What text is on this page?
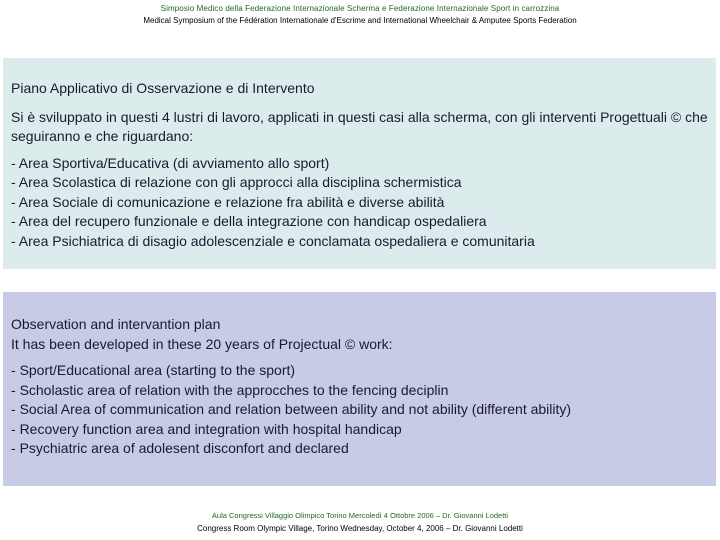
Simposio Medico della Federazione Internazionale Scherma e Federazione Internazionale Sport in carrozzina
Medical Symposium of the Fédération Internationale d'Escrime and International Wheelchair & Amputee Sports Federation

Piano Applicativo di Osservazione e di Intervento

Si è sviluppato in questi 4 lustri di lavoro, applicati in questi casi alla scherma, con gli interventi Progettuali © che seguiranno e che riguardano:

- Area Sportiva/Educativa (di avviamento allo sport)
- Area Scolastica di relazione con gli approcci alla disciplina schermistica
- Area Sociale di comunicazione e relazione fra abilità e diverse abilità
- Area del recupero funzionale e della integrazione con handicap ospedaliera
- Area Psichiatrica di disagio adolescenziale e conclamata ospedaliera e comunitaria

Observation and intervantion plan

It has been developed in these 20 years of Projectual © work:

- Sport/Educational area (starting to the sport)
- Scholastic area of relation with the approcches to the fencing deciplin
- Social Area of communication and relation between ability and not ability (different ability)
- Recovery function area and integration with hospital handicap
- Psychiatric area of adolesent disconfort and declared
Aula Congressi Villaggio Olimpico Torino Mercoledì 4 Ottobre 2006 – Dr. Giovanni Lodetti
Congress Room Olympic Village, Torino Wednesday, October 4, 2006 – Dr. Giovanni Lodetti
